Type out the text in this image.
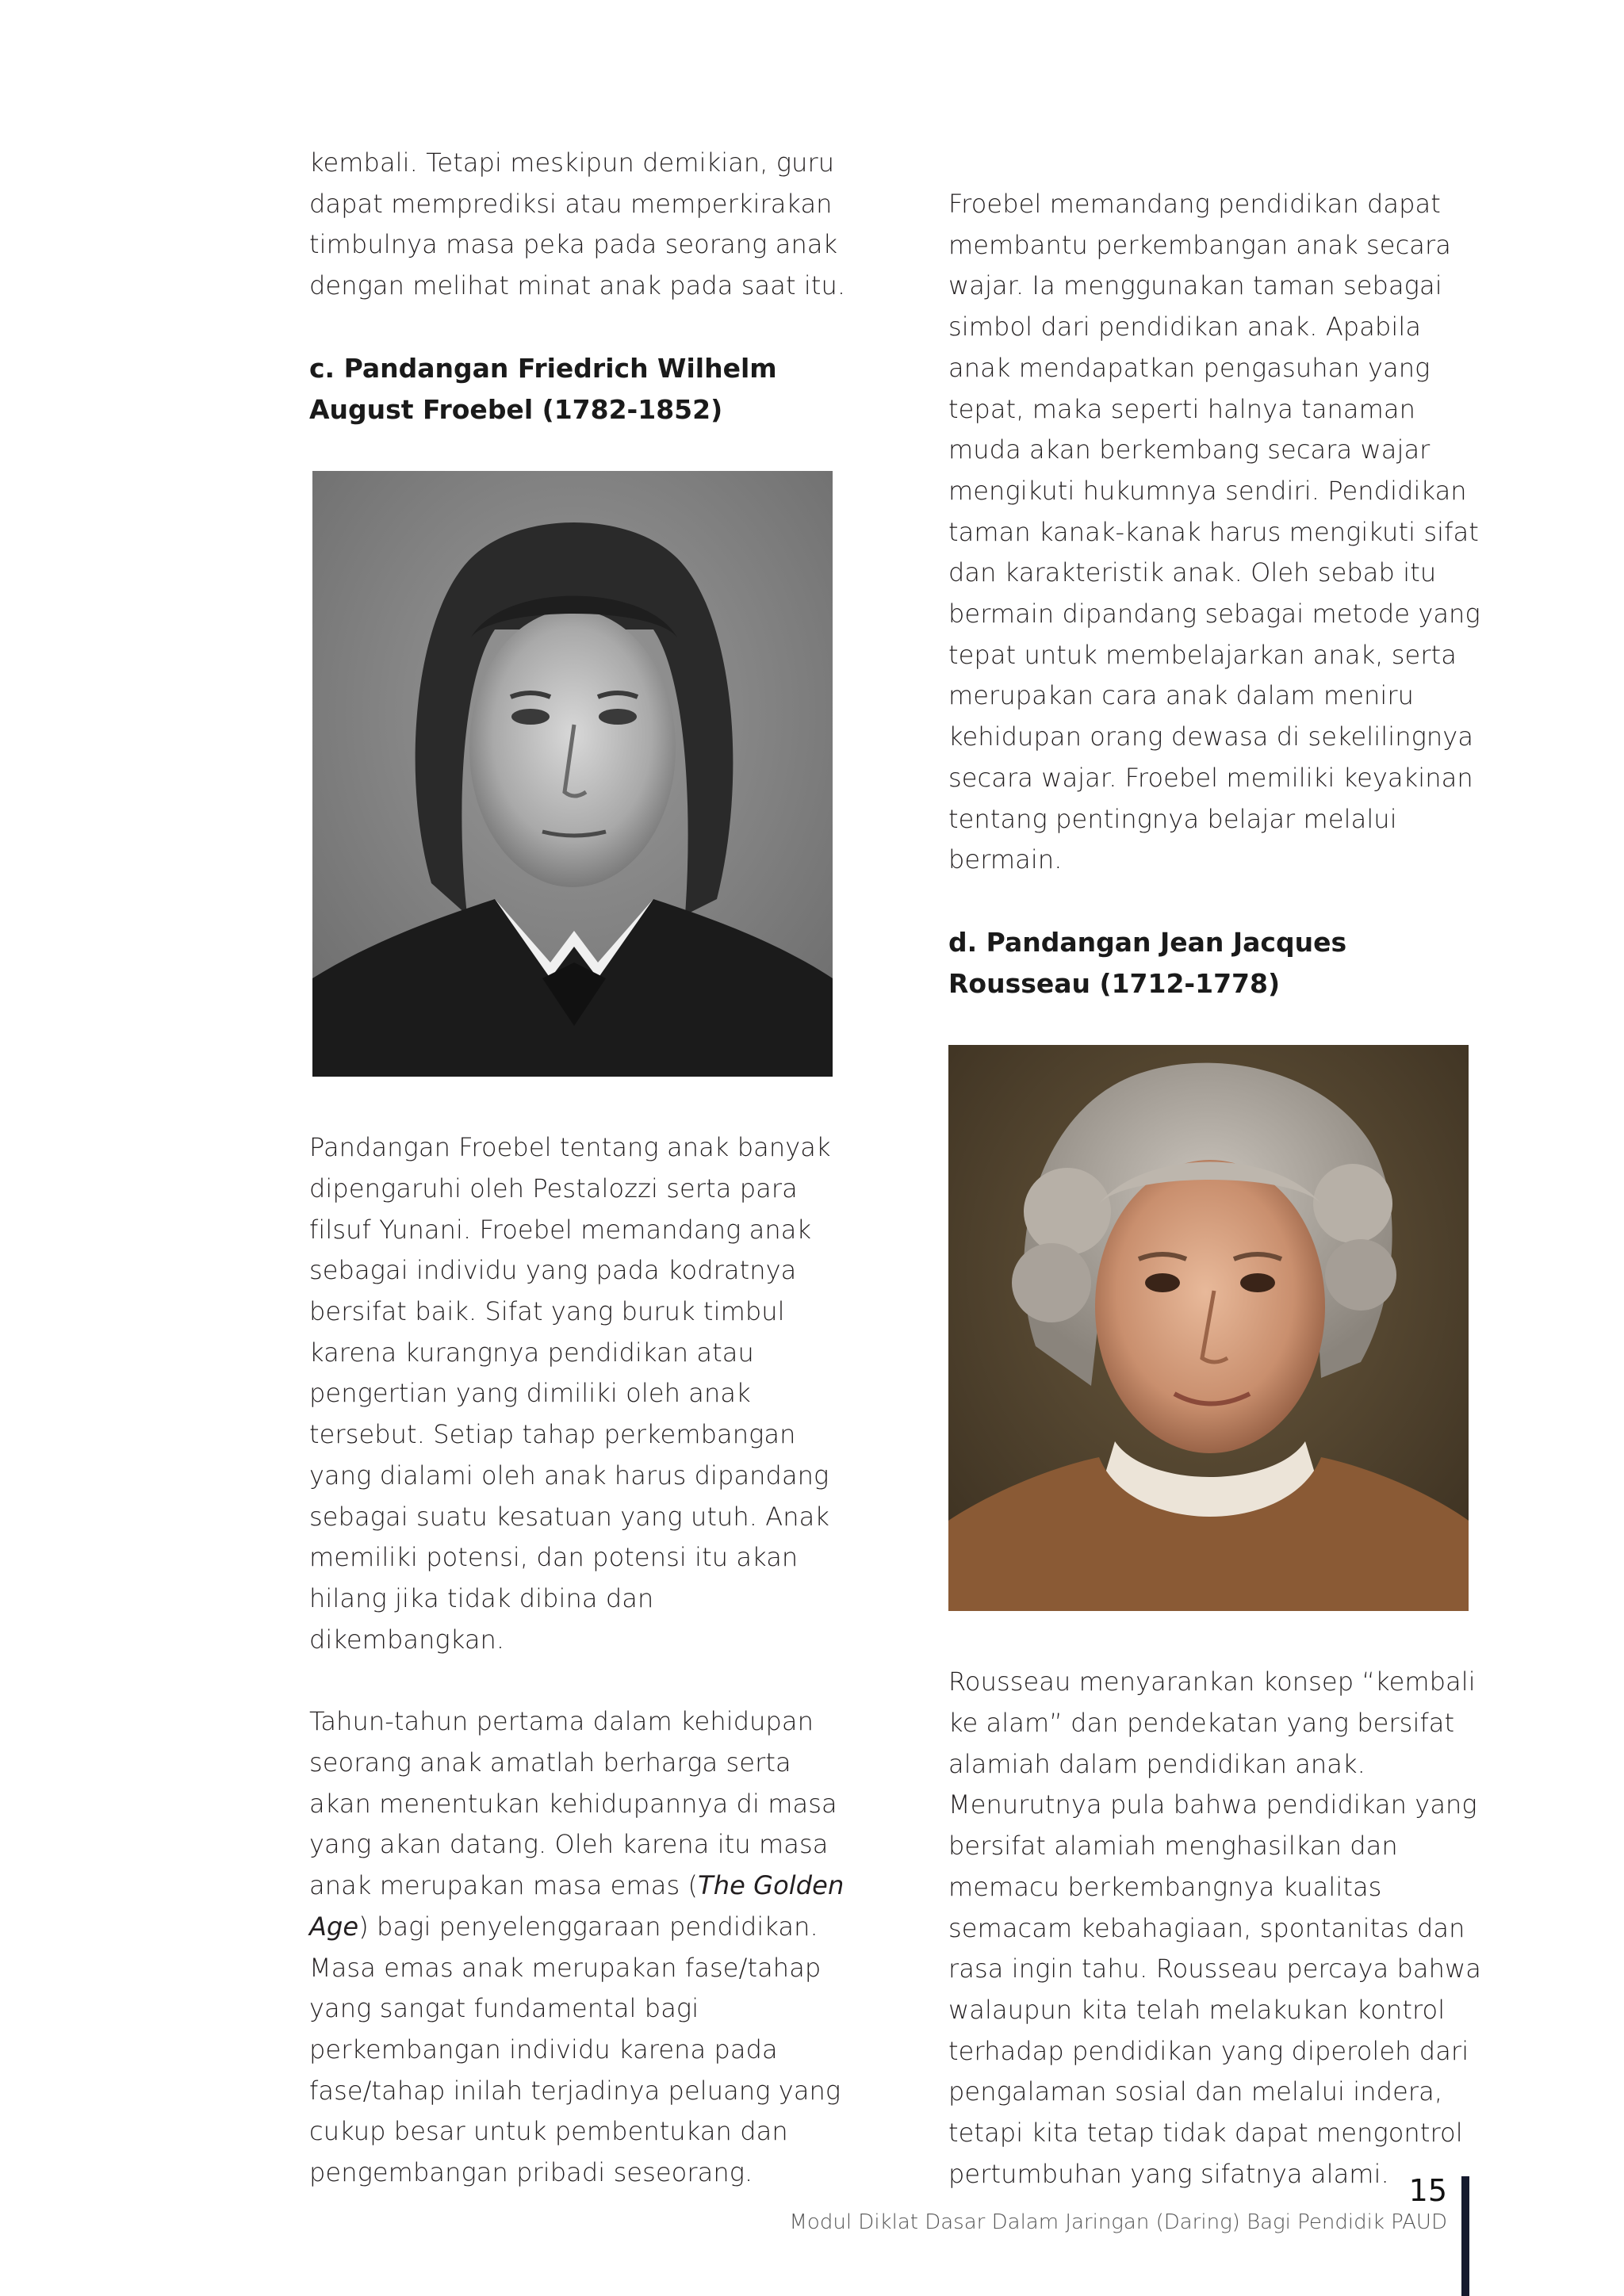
kembali. Tetapi meskipun demikian, guru dapat memprediksi atau memperkirakan timbulnya masa peka pada seorang anak dengan melihat minat anak pada saat itu.

c. Pandangan Friedrich Wilhelm August Froebel (1782-1852)

Pandangan Froebel tentang anak banyak dipengaruhi oleh Pestalozzi serta para filsuf Yunani. Froebel memandang anak sebagai individu yang pada kodratnya bersifat baik. Sifat yang buruk timbul karena kurangnya pendidikan atau pengertian yang dimiliki oleh anak tersebut. Setiap tahap perkembangan yang dialami oleh anak harus dipandang sebagai suatu kesatuan yang utuh. Anak memiliki potensi, dan potensi itu akan hilang jika tidak dibina dan dikembangkan.

Tahun-tahun pertama dalam kehidupan seorang anak amatlah berharga serta akan menentukan kehidupannya di masa yang akan datang. Oleh karena itu masa anak merupakan masa emas (The Golden Age) bagi penyelenggaraan pendidikan. Masa emas anak merupakan fase/tahap yang sangat fundamental bagi perkembangan individu karena pada fase/tahap inilah terjadinya peluang yang cukup besar untuk pembentukan dan pengembangan pribadi seseorang.

Froebel memandang pendidikan dapat membantu perkembangan anak secara wajar. Ia menggunakan taman sebagai simbol dari pendidikan anak. Apabila anak mendapatkan pengasuhan yang tepat, maka seperti halnya tanaman muda akan berkembang secara wajar mengikuti hukumnya sendiri. Pendidikan taman kanak-kanak harus mengikuti sifat dan karakteristik anak. Oleh sebab itu bermain dipandang sebagai metode yang tepat untuk membelajarkan anak, serta merupakan cara anak dalam meniru kehidupan orang dewasa di sekelilingnya secara wajar. Froebel memiliki keyakinan tentang pentingnya belajar melalui bermain.

d. Pandangan Jean Jacques Rousseau (1712-1778)

Rousseau menyarankan konsep “kembali ke alam” dan pendekatan yang bersifat alamiah dalam pendidikan anak. Menurutnya pula bahwa pendidikan yang bersifat alamiah menghasilkan dan memacu berkembangnya kualitas semacam kebahagiaan, spontanitas dan rasa ingin tahu. Rousseau percaya bahwa walaupun kita telah melakukan kontrol terhadap pendidikan yang diperoleh dari pengalaman sosial dan melalui indera, tetapi kita tetap tidak dapat mengontrol pertumbuhan yang sifatnya alami. 15
Modul Diklat Dasar Dalam Jaringan (Daring) Bagi Pendidik PAUD
